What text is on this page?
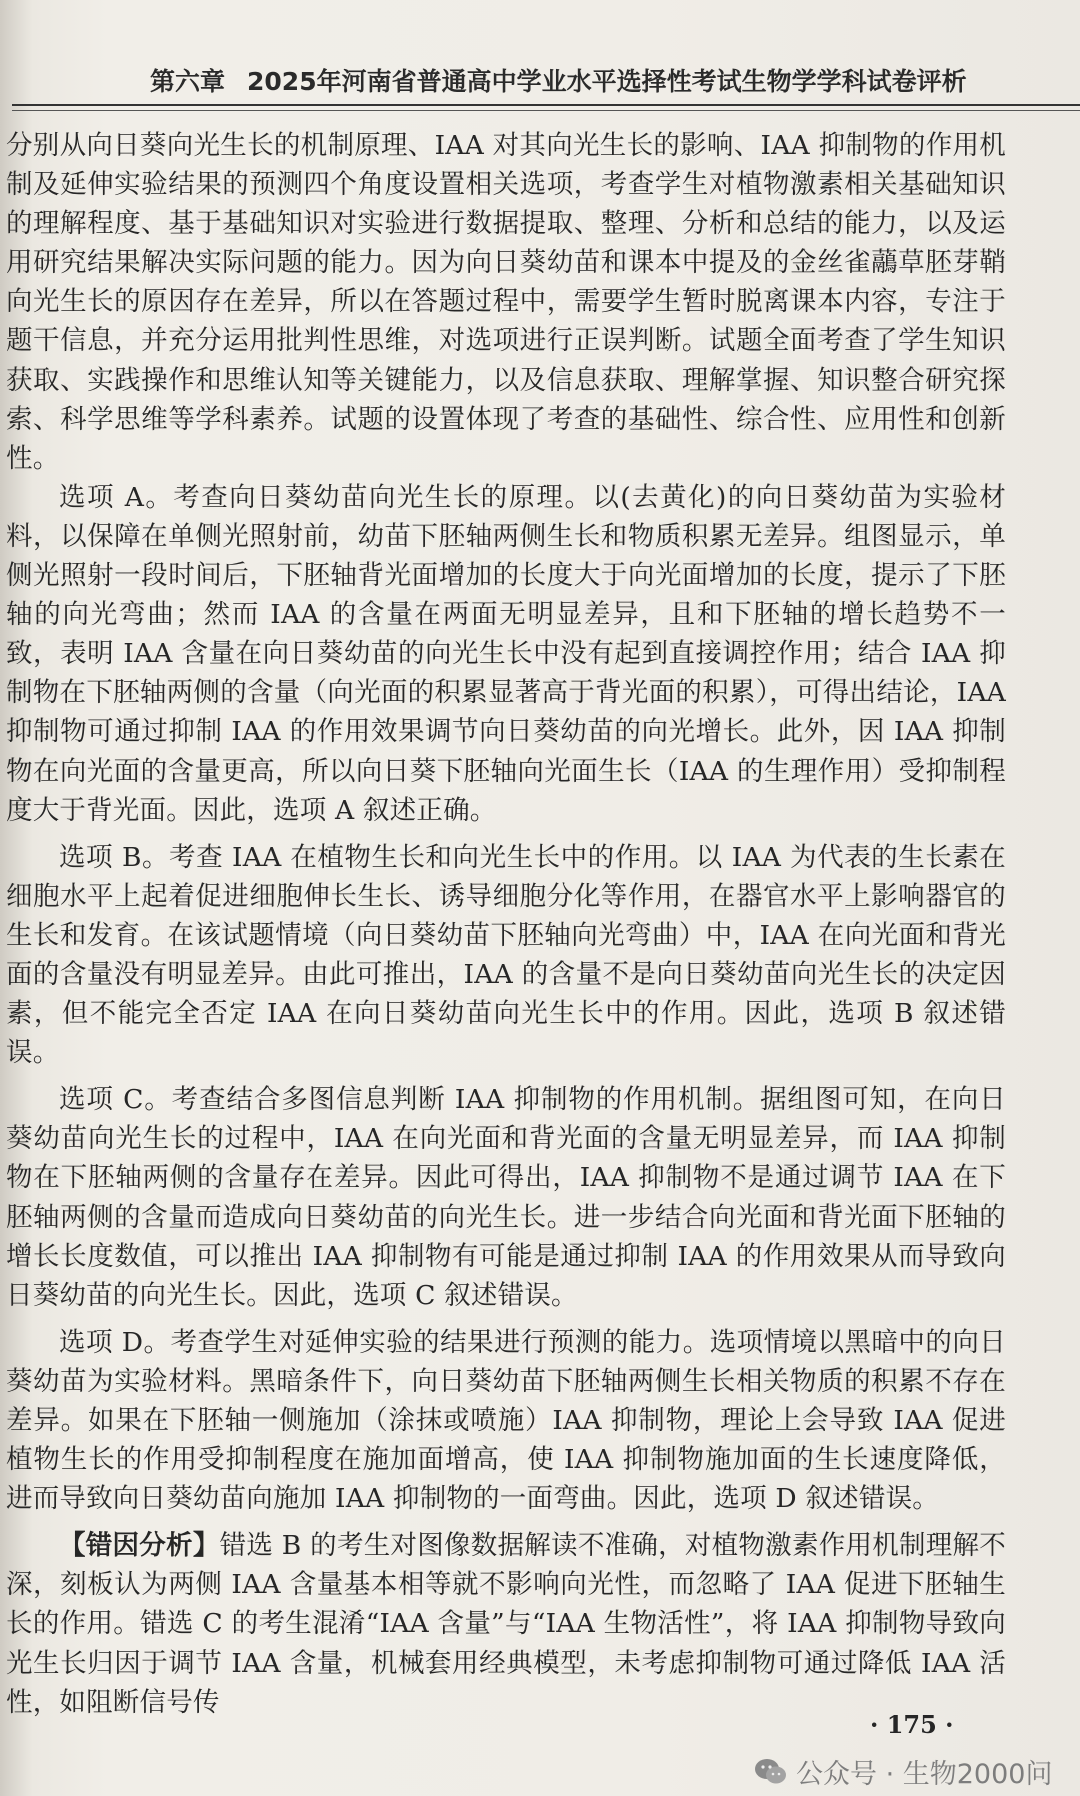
第六章 2025年河南省普通高中学业水平选择性考试生物学学科试卷评析

分别从向日葵向光生长的机制原理、IAA 对其向光生长的影响、IAA 抑制物的作用机制及延伸实验结果的预测四个角度设置相关选项，考查学生对植物激素相关基础知识的理解程度、基于基础知识对实验进行数据提取、整理、分析和总结的能力，以及运用研究结果解决实际问题的能力。因为向日葵幼苗和课本中提及的金丝雀虉草胚芽鞘向光生长的原因存在差异，所以在答题过程中，需要学生暂时脱离课本内容，专注于题干信息，并充分运用批判性思维，对选项进行正误判断。试题全面考查了学生知识获取、实践操作和思维认知等关键能力，以及信息获取、理解掌握、知识整合研究探索、科学思维等学科素养。试题的设置体现了考查的基础性、综合性、应用性和创新性。

选项 A。考查向日葵幼苗向光生长的原理。以(去黄化)的向日葵幼苗为实验材料，以保障在单侧光照射前，幼苗下胚轴两侧生长和物质积累无差异。组图显示，单侧光照射一段时间后，下胚轴背光面增加的长度大于向光面增加的长度，提示了下胚轴的向光弯曲；然而 IAA 的含量在两面无明显差异，且和下胚轴的增长趋势不一致，表明 IAA 含量在向日葵幼苗的向光生长中没有起到直接调控作用；结合 IAA 抑制物在下胚轴两侧的含量（向光面的积累显著高于背光面的积累），可得出结论，IAA 抑制物可通过抑制 IAA 的作用效果调节向日葵幼苗的向光增长。此外，因 IAA 抑制物在向光面的含量更高，所以向日葵下胚轴向光面生长（IAA 的生理作用）受抑制程度大于背光面。因此，选项 A 叙述正确。

选项 B。考查 IAA 在植物生长和向光生长中的作用。以 IAA 为代表的生长素在细胞水平上起着促进细胞伸长生长、诱导细胞分化等作用，在器官水平上影响器官的生长和发育。在该试题情境（向日葵幼苗下胚轴向光弯曲）中，IAA 在向光面和背光面的含量没有明显差异。由此可推出，IAA 的含量不是向日葵幼苗向光生长的决定因素，但不能完全否定 IAA 在向日葵幼苗向光生长中的作用。因此，选项 B 叙述错误。

选项 C。考查结合多图信息判断 IAA 抑制物的作用机制。据组图可知，在向日葵幼苗向光生长的过程中，IAA 在向光面和背光面的含量无明显差异，而 IAA 抑制物在下胚轴两侧的含量存在差异。因此可得出，IAA 抑制物不是通过调节 IAA 在下胚轴两侧的含量而造成向日葵幼苗的向光生长。进一步结合向光面和背光面下胚轴的增长长度数值，可以推出 IAA 抑制物有可能是通过抑制 IAA 的作用效果从而导致向日葵幼苗的向光生长。因此，选项 C 叙述错误。

选项 D。考查学生对延伸实验的结果进行预测的能力。选项情境以黑暗中的向日葵幼苗为实验材料。黑暗条件下，向日葵幼苗下胚轴两侧生长相关物质的积累不存在差异。如果在下胚轴一侧施加（涂抹或喷施）IAA 抑制物，理论上会导致 IAA 促进植物生长的作用受抑制程度在施加面增高，使 IAA 抑制物施加面的生长速度降低，进而导致向日葵幼苗向施加 IAA 抑制物的一面弯曲。因此，选项 D 叙述错误。

【错因分析】错选 B 的考生对图像数据解读不准确，对植物激素作用机制理解不深，刻板认为两侧 IAA 含量基本相等就不影响向光性，而忽略了 IAA 促进下胚轴生长的作用。错选 C 的考生混淆“IAA 含量”与“IAA 生物活性”，将 IAA 抑制物导致向光生长归因于调节 IAA 含量，机械套用经典模型，未考虑抑制物可通过降低 IAA 活性，如阻断信号传

· 175 ·
公众号 · 生物2000问
